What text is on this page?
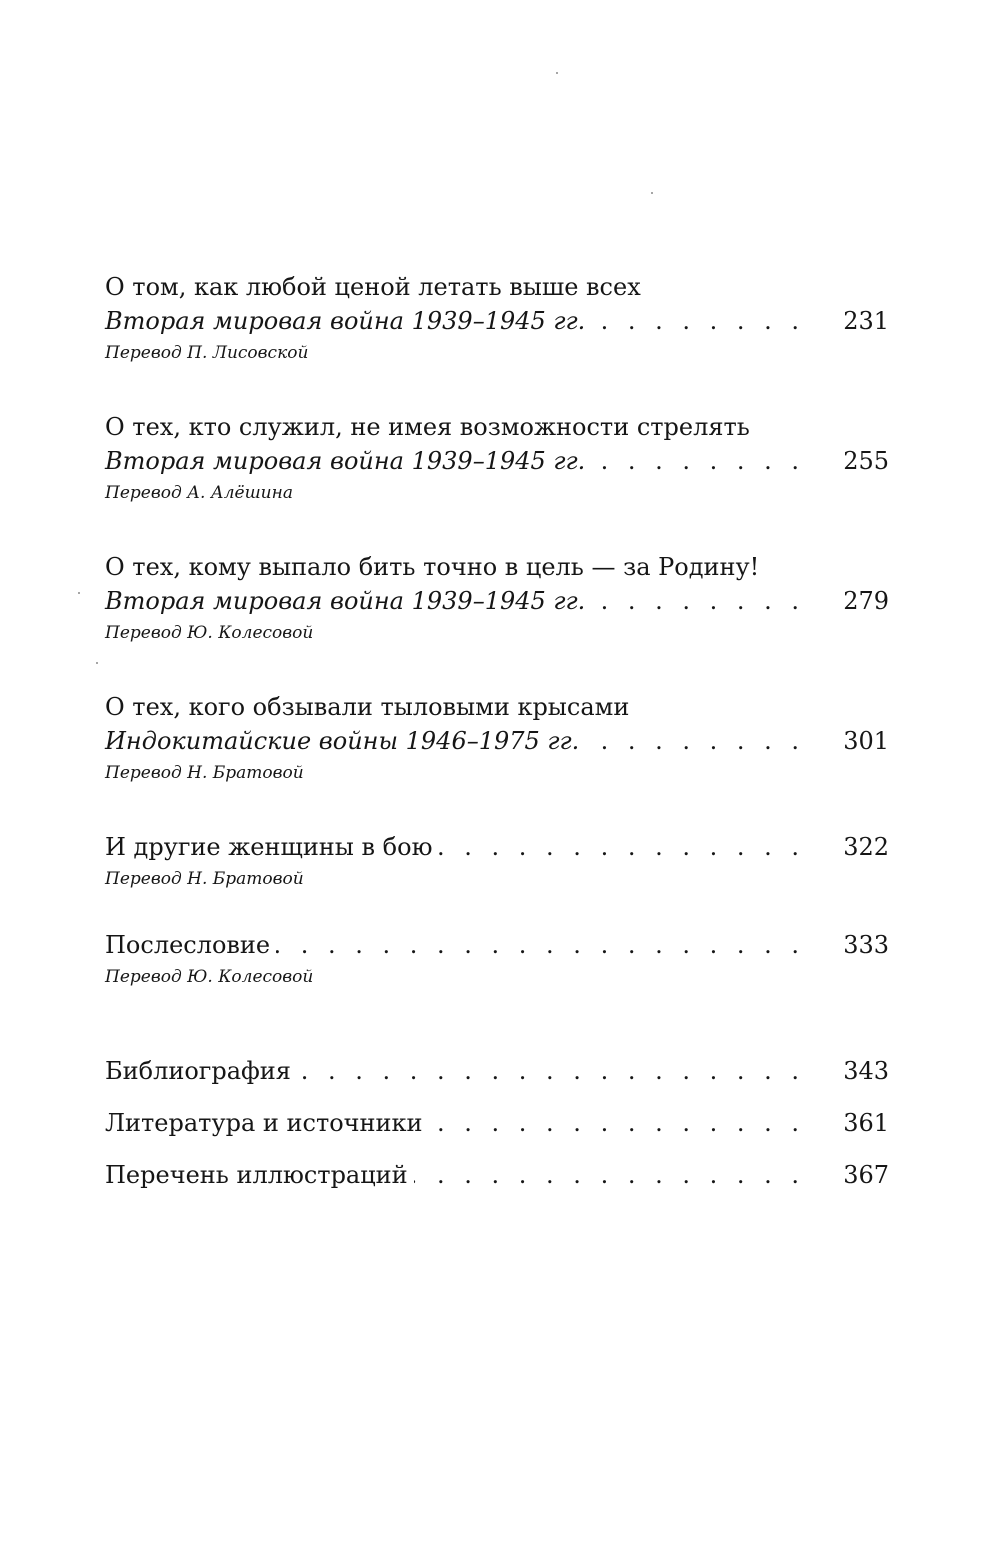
О том, как любой ценой летать выше всех
Вторая мировая война 1939–1945 гг. . . .	231
Перевод П. Лисовской
О тех, кто служил, не имея возможности стрелять
Вторая мировая война 1939–1945 гг. . . .	255
Перевод А. Алёшина
О тех, кому выпало бить точно в цель — за Родину!
Вторая мировая война 1939–1945 гг. . . .	279
Перевод Ю. Колесовой
О тех, кого обзывали тыловыми крысами
Индокитайские войны 1946–1975 гг. . . .	301
Перевод Н. Братовой
И другие женщины в бою . . .	322
Перевод Н. Братовой
Послесловие . . .	333
Перевод Ю. Колесовой
Библиография . . .	343
Литература и источники . . .	361
Перечень иллюстраций . . .	367
